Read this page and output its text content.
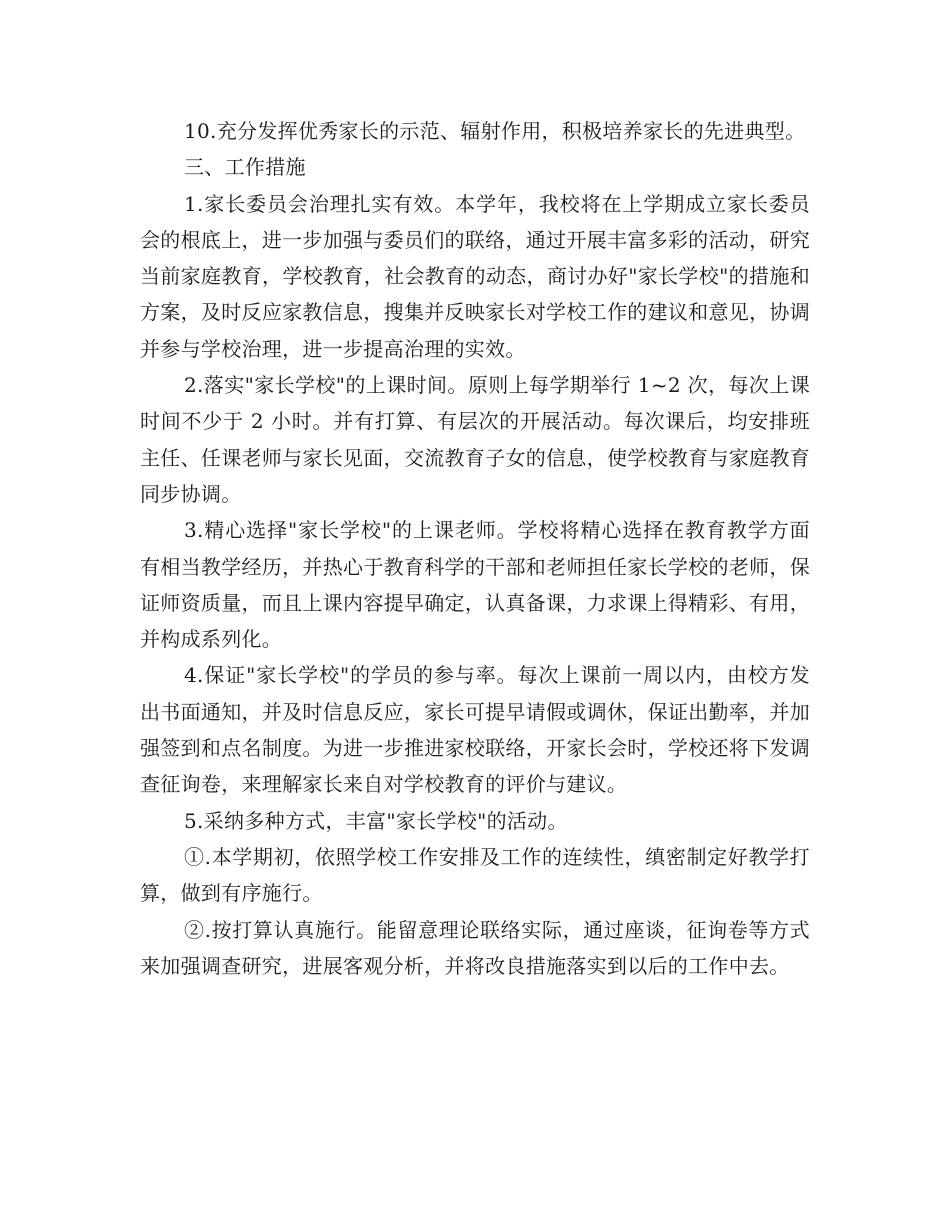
10.充分发挥优秀家长的示范、辐射作用，积极培养家长的先进典型。

三、工作措施

1.家长委员会治理扎实有效。本学年，我校将在上学期成立家长委员会的根底上，进一步加强与委员们的联络，通过开展丰富多彩的活动，研究当前家庭教育，学校教育，社会教育的动态，商讨办好"家长学校"的措施和方案，及时反应家教信息，搜集并反映家长对学校工作的建议和意见，协调并参与学校治理，进一步提高治理的实效。

2.落实"家长学校"的上课时间。原则上每学期举行 1~2 次，每次上课时间不少于 2 小时。并有打算、有层次的开展活动。每次课后，均安排班主任、任课老师与家长见面，交流教育子女的信息，使学校教育与家庭教育同步协调。

3.精心选择"家长学校"的上课老师。学校将精心选择在教育教学方面有相当教学经历，并热心于教育科学的干部和老师担任家长学校的老师，保证师资质量，而且上课内容提早确定，认真备课，力求课上得精彩、有用，并构成系列化。

4.保证"家长学校"的学员的参与率。每次上课前一周以内，由校方发出书面通知，并及时信息反应，家长可提早请假或调休，保证出勤率，并加强签到和点名制度。为进一步推进家校联络，开家长会时，学校还将下发调查征询卷，来理解家长来自对学校教育的评价与建议。

5.采纳多种方式，丰富"家长学校"的活动。

①.本学期初，依照学校工作安排及工作的连续性，缜密制定好教学打算，做到有序施行。

②.按打算认真施行。能留意理论联络实际，通过座谈，征询卷等方式来加强调查研究，进展客观分析，并将改良措施落实到以后的工作中去。
